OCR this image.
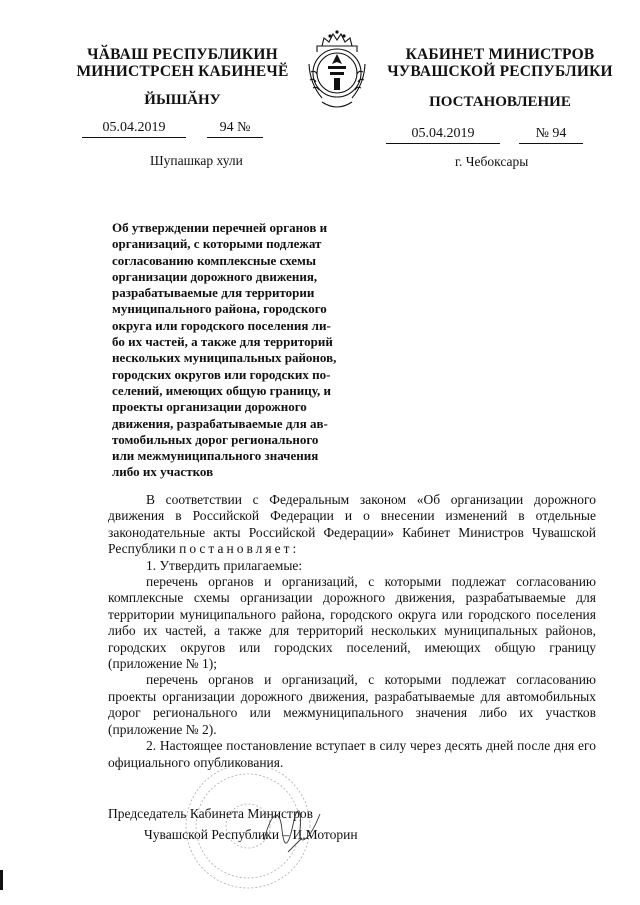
ЧӐВАШ РЕСПУБЛИКИН
МИНИСТРСЕН КАБИНЕЧӖ
ЙЫШӐНУ
КАБИНЕТ МИНИСТРОВ
ЧУВАШСКОЙ РЕСПУБЛИКИ
ПОСТАНОВЛЕНИЕ
05.04.2019	94 №	05.04.2019	№ 94
Шупашкар хули	г. Чебоксары
Об утверждении перечней органов и
организаций, с которыми подлежат
согласованию комплексные схемы
организации дорожного движения,
разрабатываемые для территории
муниципального района, городского
округа или городского поселения ли-
бо их частей, а также для территорий
нескольких муниципальных районов,
городских округов или городских по-
селений, имеющих общую границу, и
проекты организации дорожного
движения, разрабатываемые для ав-
томобильных дорог регионального
или межмуниципального значения
либо их участков

В соответствии с Федеральным законом «Об организации дорожного движения в Российской Федерации и о внесении изменений в отдельные законодательные акты Российской Федерации» Кабинет Министров Чувашской Республики постановляет:

1. Утвердить прилагаемые:

перечень органов и организаций, с которыми подлежат согласованию комплексные схемы организации дорожного движения, разрабатываемые для территории муниципального района, городского округа или городского поселения либо их частей, а также для территорий нескольких муниципальных районов, городских округов или городских поселений, имеющих общую границу (приложение № 1);

перечень органов и организаций, с которыми подлежат согласованию проекты организации дорожного движения, разрабатываемые для автомобильных дорог регионального или межмуниципального значения либо их участков (приложение № 2).

2. Настоящее постановление вступает в силу через десять дней после дня его официального опубликования.

Председатель Кабинета Министров
Чувашской Республики – И.Моторин
